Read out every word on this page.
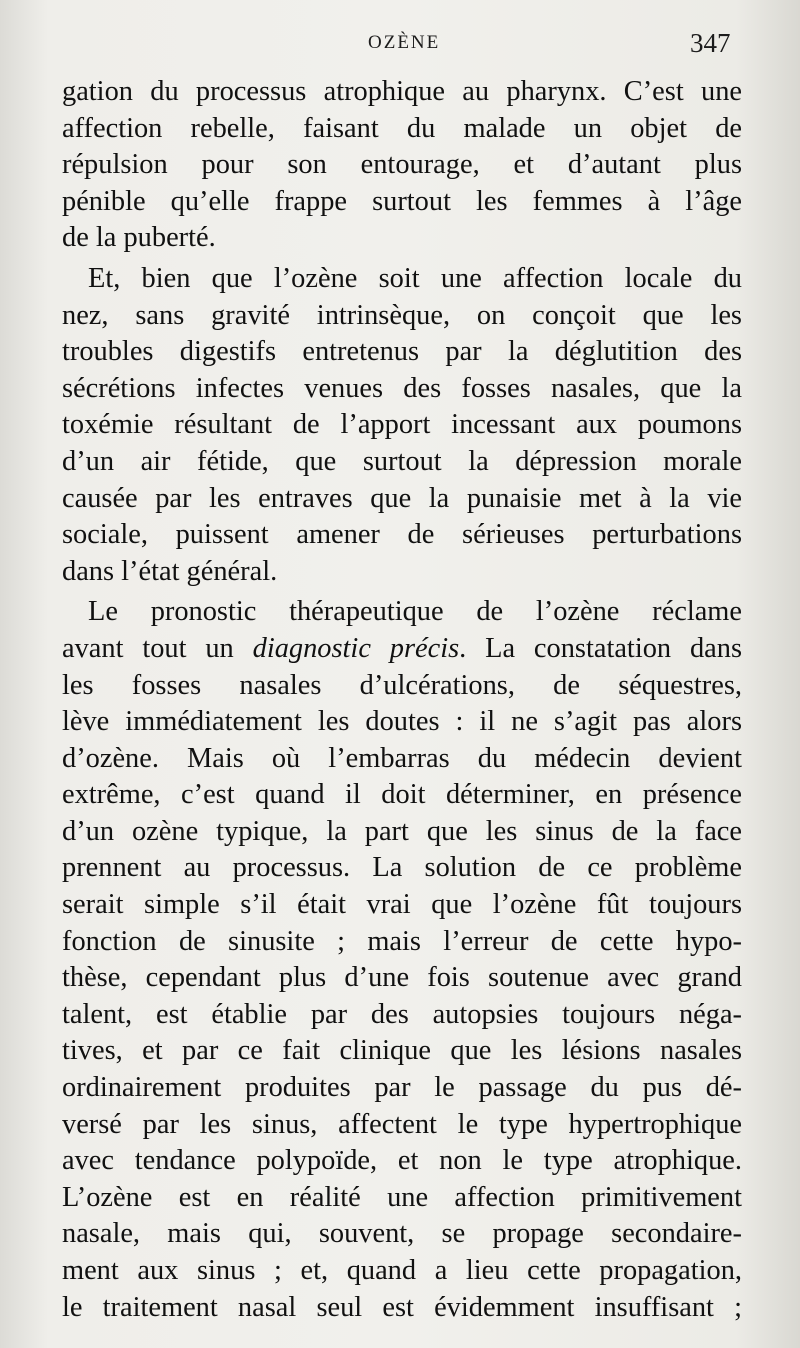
OZÈNE	347
gation du processus atrophique au pharynx. C’est une
affection rebelle, faisant du malade un objet de
répulsion pour son entourage, et d’autant plus
pénible qu’elle frappe surtout les femmes à l’âge
de la puberté.
Et, bien que l’ozène soit une affection locale du
nez, sans gravité intrinsèque, on conçoit que les
troubles digestifs entretenus par la déglutition des
sécrétions infectes venues des fosses nasales, que la
toxémie résultant de l’apport incessant aux poumons
d’un air fétide, que surtout la dépression morale
causée par les entraves que la punaisie met à la vie
sociale, puissent amener de sérieuses perturbations
dans l’état général.
Le pronostic thérapeutique de l’ozène réclame
avant tout un diagnostic précis. La constatation dans
les fosses nasales d’ulcérations, de séquestres,
lève immédiatement les doutes : il ne s’agit pas alors
d’ozène. Mais où l’embarras du médecin devient
extrême, c’est quand il doit déterminer, en présence
d’un ozène typique, la part que les sinus de la face
prennent au processus. La solution de ce problème
serait simple s’il était vrai que l’ozène fût toujours
fonction de sinusite ; mais l’erreur de cette hypo-
thèse, cependant plus d’une fois soutenue avec grand
talent, est établie par des autopsies toujours néga-
tives, et par ce fait clinique que les lésions nasales
ordinairement produites par le passage du pus dé-
versé par les sinus, affectent le type hypertrophique
avec tendance polypoïde, et non le type atrophique.
L’ozène est en réalité une affection primitivement
nasale, mais qui, souvent, se propage secondaire-
ment aux sinus ; et, quand a lieu cette propagation,
le traitement nasal seul est évidemment insuffisant ;
